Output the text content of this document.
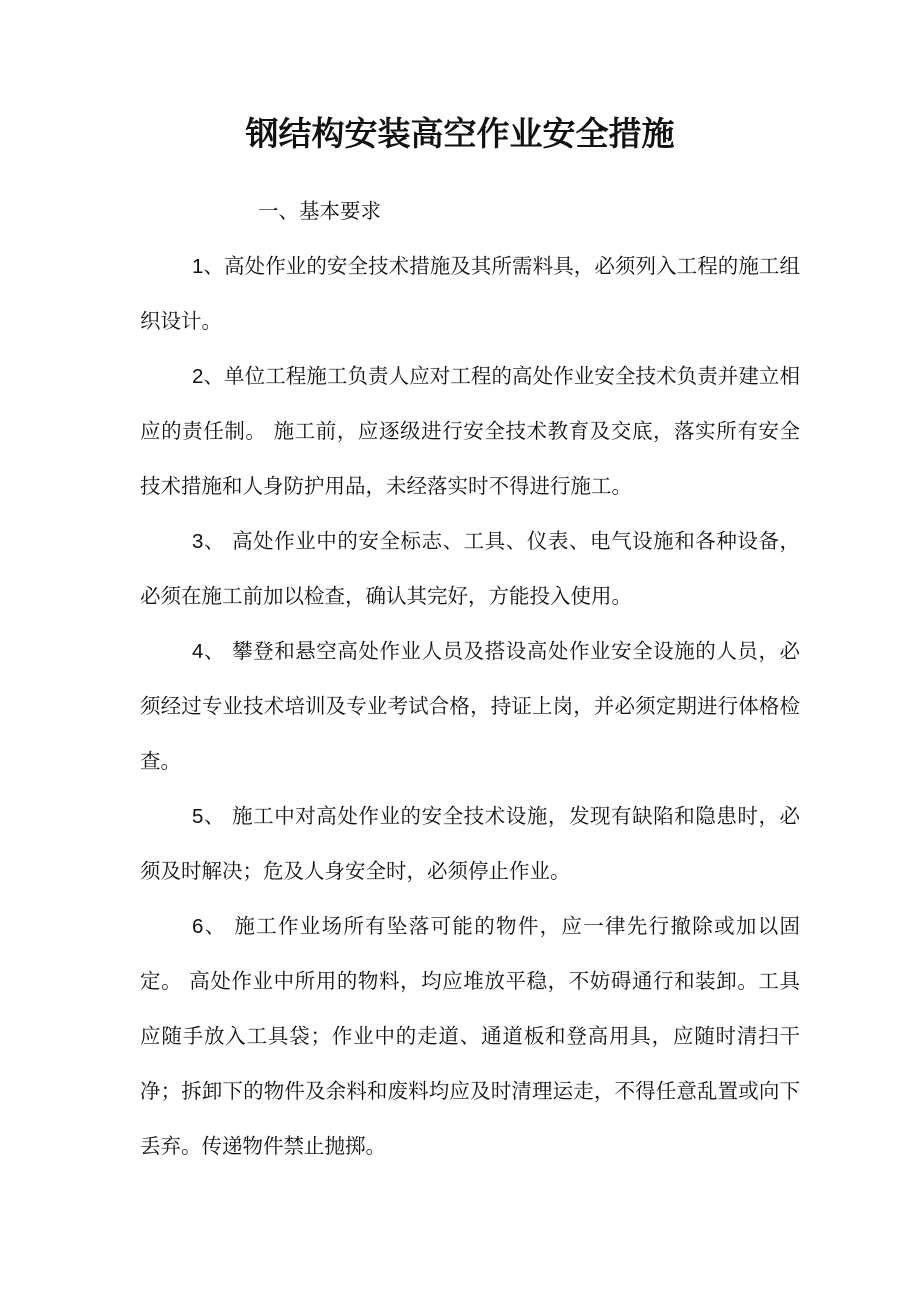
钢结构安装高空作业安全措施

一、基本要求

1、高处作业的安全技术措施及其所需料具，必须列入工程的施工组织设计。

2、单位工程施工负责人应对工程的高处作业安全技术负责并建立相应的责任制。 施工前，应逐级进行安全技术教育及交底，落实所有安全技术措施和人身防护用品，未经落实时不得进行施工。

3、 高处作业中的安全标志、工具、仪表、电气设施和各种设备，必须在施工前加以检查，确认其完好，方能投入使用。

4、 攀登和悬空高处作业人员及搭设高处作业安全设施的人员，必须经过专业技术培训及专业考试合格，持证上岗，并必须定期进行体格检查。

5、 施工中对高处作业的安全技术设施，发现有缺陷和隐患时，必须及时解决；危及人身安全时，必须停止作业。

6、 施工作业场所有坠落可能的物件，应一律先行撤除或加以固定。 高处作业中所用的物料，均应堆放平稳，不妨碍通行和装卸。工具应随手放入工具袋；作业中的走道、通道板和登高用具，应随时清扫干净；拆卸下的物件及余料和废料均应及时清理运走，不得任意乱置或向下丢弃。传递物件禁止抛掷。
